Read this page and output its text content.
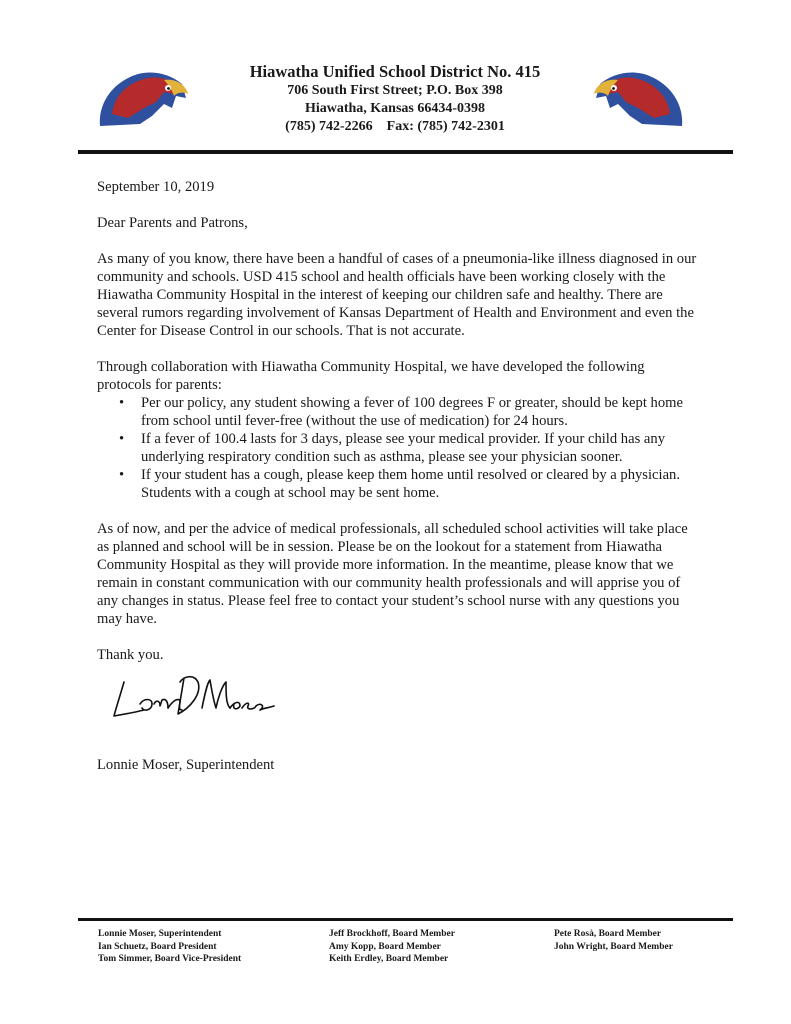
Hiawatha Unified School District No. 415
706 South First Street; P.O. Box 398
Hiawatha, Kansas 66434-0398
(785) 742-2266    Fax: (785) 742-2301

September 10, 2019

Dear Parents and Patrons,

As many of you know, there have been a handful of cases of a pneumonia-like illness diagnosed in our community and schools. USD 415 school and health officials have been working closely with the Hiawatha Community Hospital in the interest of keeping our children safe and healthy. There are several rumors regarding involvement of Kansas Department of Health and Environment and even the Center for Disease Control in our schools. That is not accurate.

Through collaboration with Hiawatha Community Hospital, we have developed the following protocols for parents:

• Per our policy, any student showing a fever of 100 degrees F or greater, should be kept home from school until fever-free (without the use of medication) for 24 hours.
• If a fever of 100.4 lasts for 3 days, please see your medical provider. If your child has any underlying respiratory condition such as asthma, please see your physician sooner.
• If your student has a cough, please keep them home until resolved or cleared by a physician. Students with a cough at school may be sent home.

As of now, and per the advice of medical professionals, all scheduled school activities will take place as planned and school will be in session. Please be on the lookout for a statement from Hiawatha Community Hospital as they will provide more information. In the meantime, please know that we remain in constant communication with our community health professionals and will apprise you of any changes in status. Please feel free to contact your student’s school nurse with any questions you may have.

Thank you.

Lonnie Moser, Superintendent
Lonnie Moser, Superintendent
Ian Schuetz, Board President
Tom Simmer, Board Vice-President
Jeff Brockhoff, Board Member
Amy Kopp, Board Member
Keith Erdley, Board Member
Pete Rosà, Board Member
John Wright, Board Member
